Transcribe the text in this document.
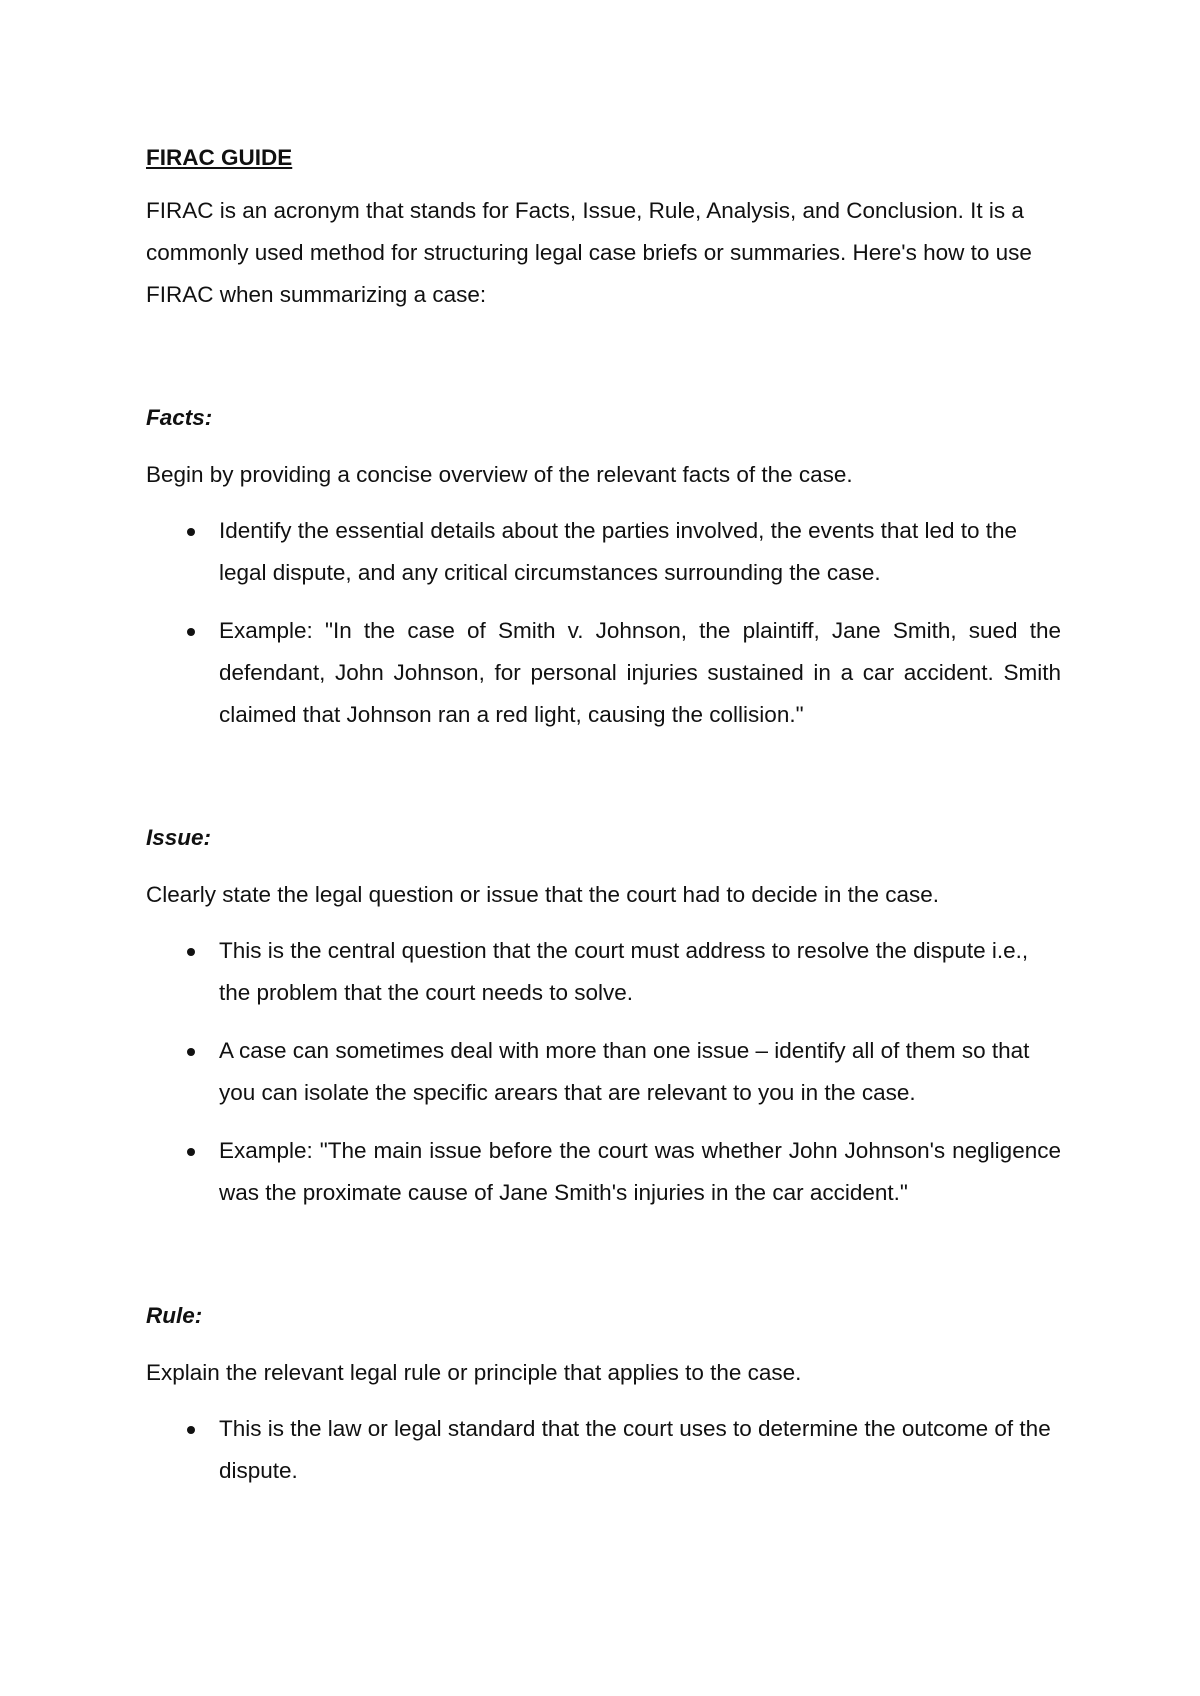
FIRAC GUIDE

FIRAC is an acronym that stands for Facts, Issue, Rule, Analysis, and Conclusion. It is a commonly used method for structuring legal case briefs or summaries. Here's how to use FIRAC when summarizing a case:

Facts:

Begin by providing a concise overview of the relevant facts of the case.

Identify the essential details about the parties involved, the events that led to the legal dispute, and any critical circumstances surrounding the case.
Example: "In the case of Smith v. Johnson, the plaintiff, Jane Smith, sued the defendant, John Johnson, for personal injuries sustained in a car accident. Smith claimed that Johnson ran a red light, causing the collision."
Issue:

Clearly state the legal question or issue that the court had to decide in the case.

This is the central question that the court must address to resolve the dispute i.e., the problem that the court needs to solve.
A case can sometimes deal with more than one issue – identify all of them so that you can isolate the specific arears that are relevant to you in the case.
Example: "The main issue before the court was whether John Johnson's negligence was the proximate cause of Jane Smith's injuries in the car accident."
Rule:

Explain the relevant legal rule or principle that applies to the case.

This is the law or legal standard that the court uses to determine the outcome of the dispute.
